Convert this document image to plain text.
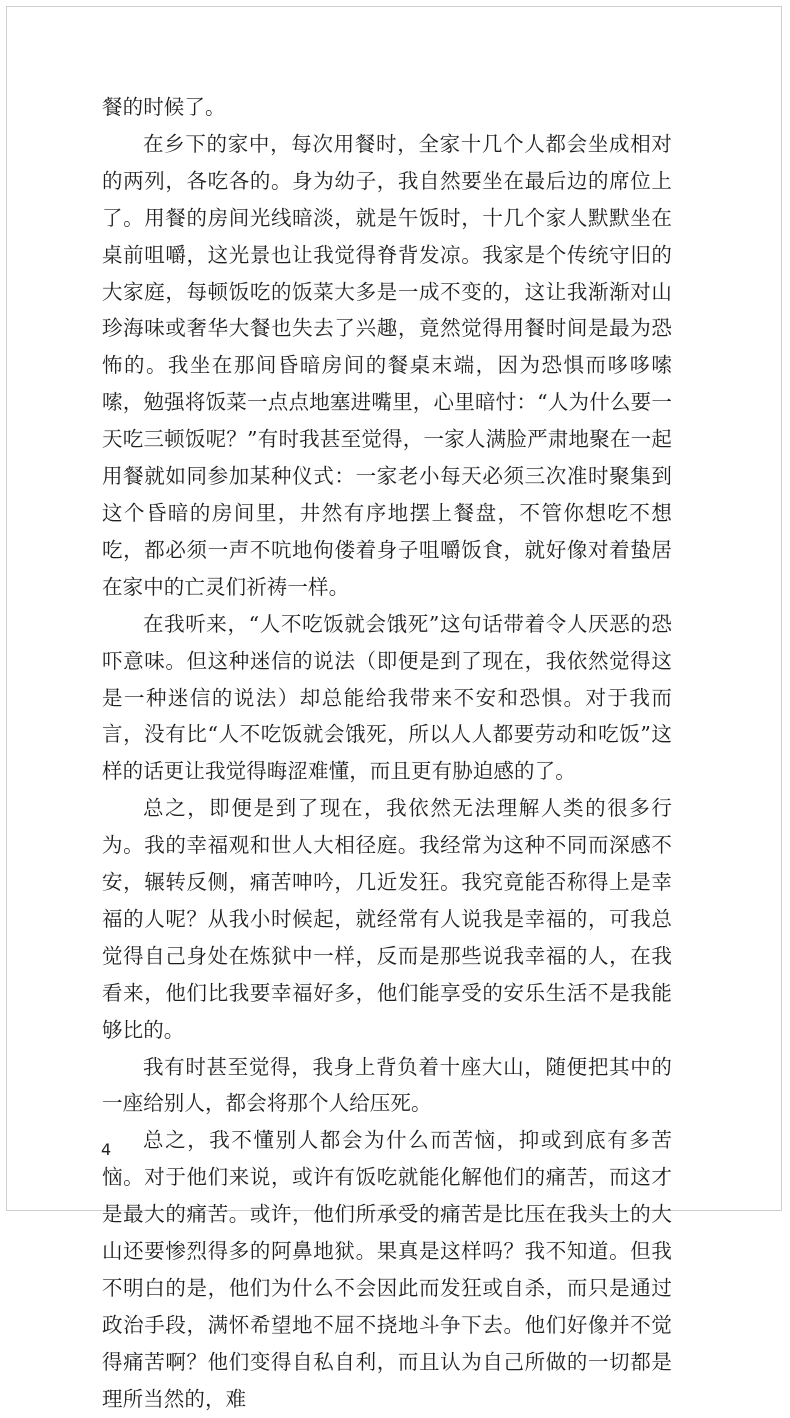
餐的时候了。

在乡下的家中，每次用餐时，全家十几个人都会坐成相对的两列，各吃各的。身为幼子，我自然要坐在最后边的席位上了。用餐的房间光线暗淡，就是午饭时，十几个家人默默坐在桌前咀嚼，这光景也让我觉得脊背发凉。我家是个传统守旧的大家庭，每顿饭吃的饭菜大多是一成不变的，这让我渐渐对山珍海味或奢华大餐也失去了兴趣，竟然觉得用餐时间是最为恐怖的。我坐在那间昏暗房间的餐桌末端，因为恐惧而哆哆嗦嗦，勉强将饭菜一点点地塞进嘴里，心里暗忖：“人为什么要一天吃三顿饭呢？”有时我甚至觉得，一家人满脸严肃地聚在一起用餐就如同参加某种仪式：一家老小每天必须三次准时聚集到这个昏暗的房间里，井然有序地摆上餐盘，不管你想吃不想吃，都必须一声不吭地佝偻着身子咀嚼饭食，就好像对着蛰居在家中的亡灵们祈祷一样。

在我听来，“人不吃饭就会饿死”这句话带着令人厌恶的恐吓意味。但这种迷信的说法（即便是到了现在，我依然觉得这是一种迷信的说法）却总能给我带来不安和恐惧。对于我而言，没有比“人不吃饭就会饿死，所以人人都要劳动和吃饭”这样的话更让我觉得晦涩难懂，而且更有胁迫感的了。

总之，即便是到了现在，我依然无法理解人类的很多行为。我的幸福观和世人大相径庭。我经常为这种不同而深感不安，辗转反侧，痛苦呻吟，几近发狂。我究竟能否称得上是幸福的人呢？从我小时候起，就经常有人说我是幸福的，可我总觉得自己身处在炼狱中一样，反而是那些说我幸福的人，在我看来，他们比我要幸福好多，他们能享受的安乐生活不是我能够比的。

我有时甚至觉得，我身上背负着十座大山，随便把其中的一座给别人，都会将那个人给压死。

总之，我不懂别人都会为什么而苦恼，抑或到底有多苦恼。对于他们来说，或许有饭吃就能化解他们的痛苦，而这才是最大的痛苦。或许，他们所承受的痛苦是比压在我头上的大山还要惨烈得多的阿鼻地狱。果真是这样吗？我不知道。但我不明白的是，他们为什么不会因此而发狂或自杀，而只是通过政治手段，满怀希望地不屈不挠地斗争下去。他们好像并不觉得痛苦啊？他们变得自私自利，而且认为自己所做的一切都是理所当然的，难

4
